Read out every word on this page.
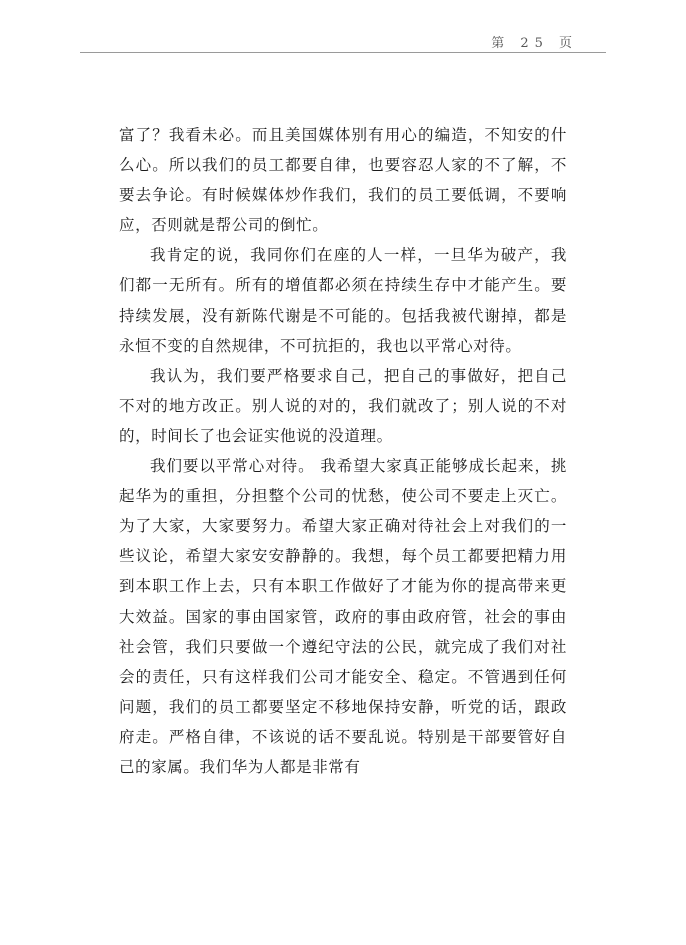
第 25 页

富了？我看未必。而且美国媒体别有用心的编造，不知安的什么心。所以我们的员工都要自律，也要容忍人家的不了解，不要去争论。有时候媒体炒作我们，我们的员工要低调，不要响应，否则就是帮公司的倒忙。

我肯定的说，我同你们在座的人一样，一旦华为破产，我们都一无所有。所有的增值都必须在持续生存中才能产生。要持续发展，没有新陈代谢是不可能的。包括我被代谢掉，都是永恒不变的自然规律，不可抗拒的，我也以平常心对待。

我认为，我们要严格要求自己，把自己的事做好，把自己不对的地方改正。别人说的对的，我们就改了；别人说的不对的，时间长了也会证实他说的没道理。

我们要以平常心对待。 我希望大家真正能够成长起来，挑起华为的重担，分担整个公司的忧愁，使公司不要走上灭亡。为了大家，大家要努力。希望大家正确对待社会上对我们的一些议论，希望大家安安静静的。我想，每个员工都要把精力用到本职工作上去，只有本职工作做好了才能为你的提高带来更大效益。国家的事由国家管，政府的事由政府管，社会的事由社会管，我们只要做一个遵纪守法的公民，就完成了我们对社会的责任，只有这样我们公司才能安全、稳定。不管遇到任何问题，我们的员工都要坚定不移地保持安静，听党的话，跟政府走。严格自律，不该说的话不要乱说。特别是干部要管好自己的家属。我们华为人都是非常有
